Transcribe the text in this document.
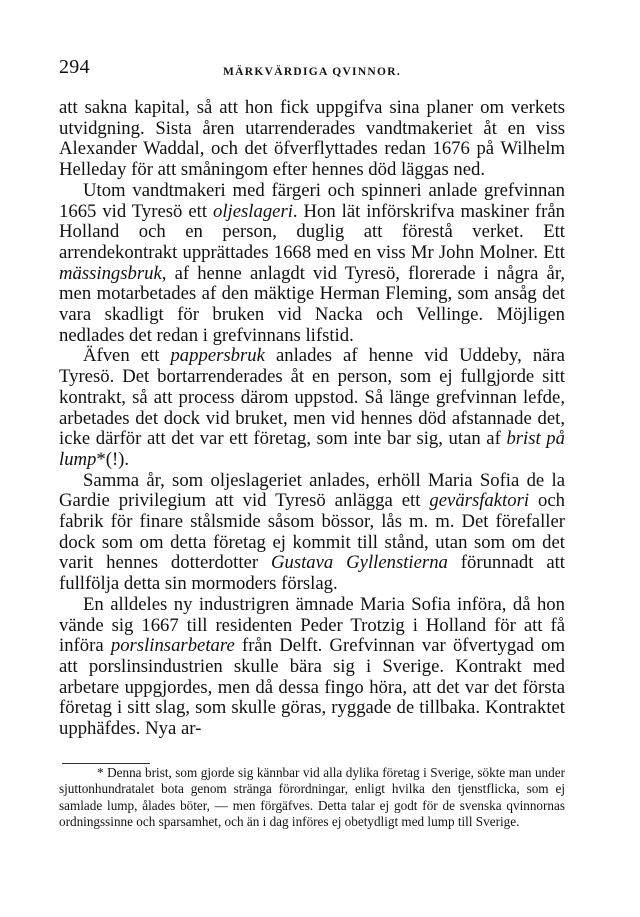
294	MÄRKVÄRDIGA QVINNOR.

att sakna kapital, så att hon fick uppgifva sina planer om verkets utvidgning. Sista åren utarrenderades vandtmakeriet åt en viss Alexander Waddal, och det öfverflyttades redan 1676 på Wilhelm Helleday för att småningom efter hennes död läggas ned.

Utom vandtmakeri med färgeri och spinneri anlade grefvinnan 1665 vid Tyresö ett oljeslageri. Hon lät införskrifva maskiner från Holland och en person, duglig att förestå verket. Ett arrendekontrakt upprättades 1668 med en viss Mr John Molner. Ett mässingsbruk, af henne anlagdt vid Tyresö, florerade i några år, men motarbetades af den mäktige Herman Fleming, som ansåg det vara skadligt för bruken vid Nacka och Vellinge. Möjligen nedlades det redan i grefvinnans lifstid.

Äfven ett pappersbruk anlades af henne vid Uddeby, nära Tyresö. Det bortarrenderades åt en person, som ej fullgjorde sitt kontrakt, så att process därom uppstod. Så länge grefvinnan lefde, arbetades det dock vid bruket, men vid hennes död afstannade det, icke därför att det var ett företag, som inte bar sig, utan af brist på lump*(!).

Samma år, som oljeslageriet anlades, erhöll Maria Sofia de la Gardie privilegium att vid Tyresö anlägga ett gevärsfaktori och fabrik för finare stålsmide såsom bössor, lås m. m. Det förefaller dock som om detta företag ej kommit till stånd, utan som om det varit hennes dotterdotter Gustava Gyllenstierna förunnadt att fullfölja detta sin mormoders förslag.

En alldeles ny industrigren ämnade Maria Sofia införa, då hon vände sig 1667 till residenten Peder Trotzig i Holland för att få införa porslinsarbetare från Delft. Grefvinnan var öfvertygad om att porslinsindustrien skulle bära sig i Sverige. Kontrakt med arbetare uppgjordes, men då dessa fingo höra, att det var det första företag i sitt slag, som skulle göras, ryggade de tillbaka. Kontraktet upphäfdes. Nya ar-

* Denna brist, som gjorde sig kännbar vid alla dylika företag i Sverige, sökte man under sjuttonhundratalet bota genom stränga förordningar, enligt hvilka den tjenstflicka, som ej samlade lump, ålades böter, — men förgäfves. Detta talar ej godt för de svenska qvinnornas ordningssinne och sparsamhet, och än i dag införes ej obetydligt med lump till Sverige.
